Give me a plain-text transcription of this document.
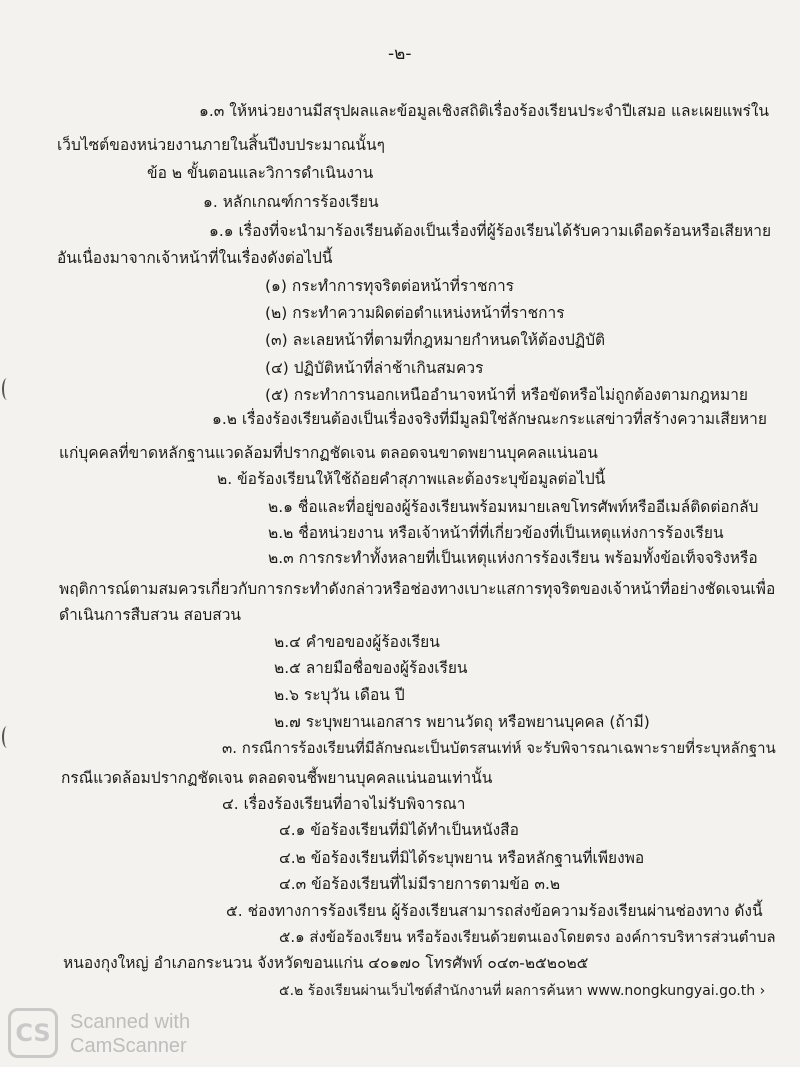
-๒-
๑.๓ ให้หน่วยงานมีสรุปผลและข้อมูลเชิงสถิติเรื่องร้องเรียนประจำปีเสมอ และเผยแพร่ใน
เว็บไซต์ของหน่วยงานภายในสิ้นปีงบประมาณนั้นๆ
ข้อ ๒ ขั้นตอนและวิการดำเนินงาน
๑. หลักเกณฑ์การร้องเรียน
๑.๑ เรื่องที่จะนำมาร้องเรียนต้องเป็นเรื่องที่ผู้ร้องเรียนได้รับความเดือดร้อนหรือเสียหาย
อันเนื่องมาจากเจ้าหน้าที่ในเรื่องดังต่อไปนี้
(๑) กระทำการทุจริตต่อหน้าที่ราชการ
(๒) กระทำความผิดต่อตำแหน่งหน้าที่ราชการ
(๓) ละเลยหน้าที่ตามที่กฎหมายกำหนดให้ต้องปฏิบัติ
(๔) ปฏิบัติหน้าที่ล่าช้าเกินสมควร
(๕) กระทำการนอกเหนืออำนาจหน้าที่ หรือขัดหรือไม่ถูกต้องตามกฎหมาย
๑.๒ เรื่องร้องเรียนต้องเป็นเรื่องจริงที่มีมูลมิใช่ลักษณะกระแสข่าวที่สร้างความเสียหาย
แก่บุคคลที่ขาดหลักฐานแวดล้อมที่ปรากฏชัดเจน ตลอดจนขาดพยานบุคคลแน่นอน
๒. ข้อร้องเรียนให้ใช้ถ้อยคำสุภาพและต้องระบุข้อมูลต่อไปนี้
๒.๑ ชื่อและที่อยู่ของผู้ร้องเรียนพร้อมหมายเลขโทรศัพท์หรืออีเมล์ติดต่อกลับ
๒.๒ ชื่อหน่วยงาน หรือเจ้าหน้าที่ที่เกี่ยวข้องที่เป็นเหตุแห่งการร้องเรียน
๒.๓ การกระทำทั้งหลายที่เป็นเหตุแห่งการร้องเรียน พร้อมทั้งข้อเท็จจริงหรือ
พฤติการณ์ตามสมควรเกี่ยวกับการกระทำดังกล่าวหรือช่องทางเบาะแสการทุจริตของเจ้าหน้าที่อย่างชัดเจนเพื่อ
ดำเนินการสืบสวน สอบสวน
๒.๔ คำขอของผู้ร้องเรียน
๒.๕ ลายมือชื่อของผู้ร้องเรียน
๒.๖ ระบุวัน เดือน ปี
๒.๗ ระบุพยานเอกสาร พยานวัตถุ หรือพยานบุคคล (ถ้ามี)
๓. กรณีการร้องเรียนที่มีลักษณะเป็นบัตรสนเท่ห์ จะรับพิจารณาเฉพาะรายที่ระบุหลักฐาน
กรณีแวดล้อมปรากฏชัดเจน ตลอดจนชี้พยานบุคคลแน่นอนเท่านั้น
๔. เรื่องร้องเรียนที่อาจไม่รับพิจารณา
๔.๑ ข้อร้องเรียนที่มิได้ทำเป็นหนังสือ
๔.๒ ข้อร้องเรียนที่มิได้ระบุพยาน หรือหลักฐานที่เพียงพอ
๔.๓ ข้อร้องเรียนที่ไม่มีรายการตามข้อ ๓.๒
๕. ช่องทางการร้องเรียน ผู้ร้องเรียนสามารถส่งข้อความร้องเรียนผ่านช่องทาง ดังนี้
๕.๑ ส่งข้อร้องเรียน หรือร้องเรียนด้วยตนเองโดยตรง องค์การบริหารส่วนตำบล
หนองกุงใหญ่ อำเภอกระนวน จังหวัดขอนแก่น ๔๐๑๗๐ โทรศัพท์ ๐๔๓-๒๕๒๐๒๕
๕.๒ ร้องเรียนผ่านเว็บไซต์สำนักงานที่ ผลการค้นหา www.nongkungyai.go.th ›
CS Scanned with
CamScanner
